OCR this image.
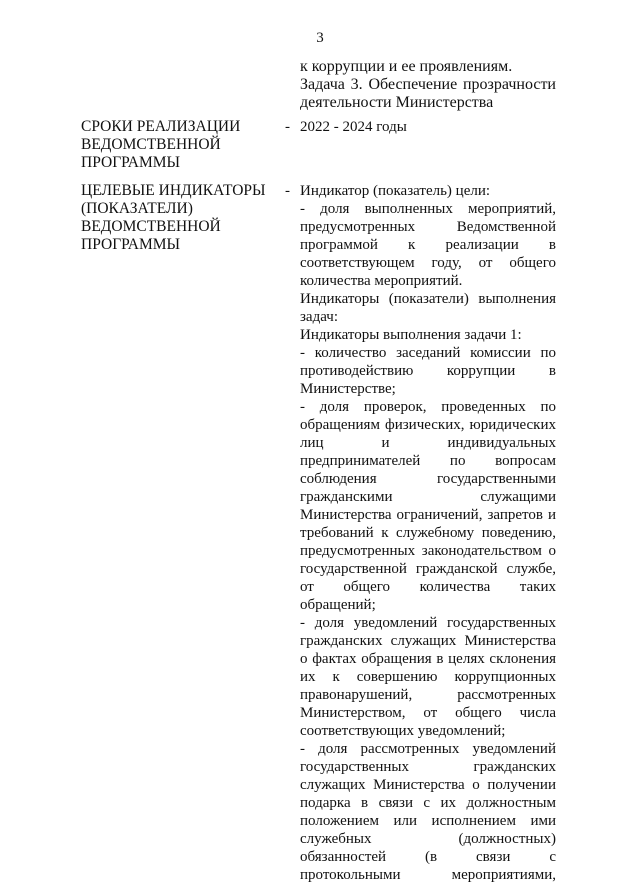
3
к коррупции и ее проявлениям.
Задача 3. Обеспечение прозрачности
деятельности Министерства
СРОКИ РЕАЛИЗАЦИИ
ВЕДОМСТВЕННОЙ
ПРОГРАММЫ
- 2022 - 2024 годы
ЦЕЛЕВЫЕ ИНДИКАТОРЫ
(ПОКАЗАТЕЛИ)
ВЕДОМСТВЕННОЙ
ПРОГРАММЫ
- Индикатор (показатель) цели:
- доля выполненных мероприятий,
предусмотренных Ведомственной
программой к реализации в
соответствующем году, от общего
количества мероприятий.
Индикаторы (показатели) выполнения
задач:
Индикаторы выполнения задачи 1:
- количество заседаний комиссии по
противодействию коррупции в
Министерстве;
- доля проверок, проведенных по
обращениям физических, юридических
лиц и индивидуальных
предпринимателей по вопросам
соблюдения государственными
гражданскими служащими
Министерства ограничений, запретов и
требований к служебному поведению,
предусмотренных законодательством о
государственной гражданской службе,
от общего количества таких
обращений;
- доля уведомлений государственных
гражданских служащих Министерства
о фактах обращения в целях склонения
их к совершению коррупционных
правонарушений, рассмотренных
Министерством, от общего числа
соответствующих уведомлений;
- доля рассмотренных уведомлений
государственных гражданских
служащих Министерства о получении
подарка в связи с их должностным
положением или исполнением ими
служебных (должностных)
обязанностей (в связи с
протокольными мероприятиями,
